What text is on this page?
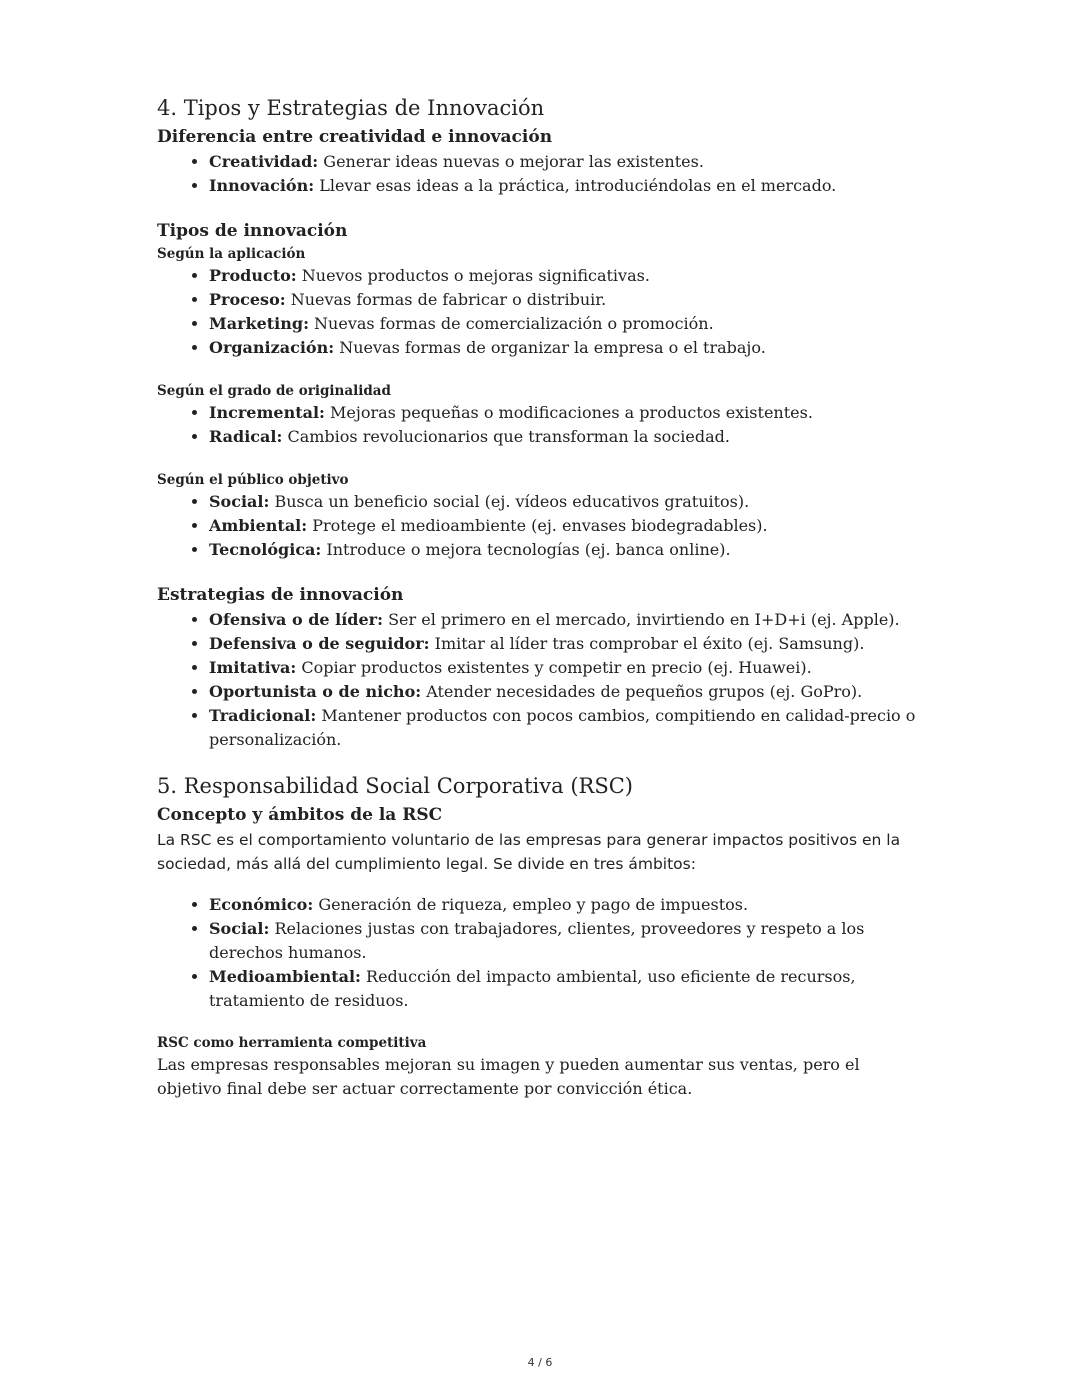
4. Tipos y Estrategias de Innovación
Diferencia entre creatividad e innovación
• Creatividad: Generar ideas nuevas o mejorar las existentes.
• Innovación: Llevar esas ideas a la práctica, introduciéndolas en el mercado.
Tipos de innovación
Según la aplicación
• Producto: Nuevos productos o mejoras significativas.
• Proceso: Nuevas formas de fabricar o distribuir.
• Marketing: Nuevas formas de comercialización o promoción.
• Organización: Nuevas formas de organizar la empresa o el trabajo.
Según el grado de originalidad
• Incremental: Mejoras pequeñas o modificaciones a productos existentes.
• Radical: Cambios revolucionarios que transforman la sociedad.
Según el público objetivo
• Social: Busca un beneficio social (ej. vídeos educativos gratuitos).
• Ambiental: Protege el medioambiente (ej. envases biodegradables).
• Tecnológica: Introduce o mejora tecnologías (ej. banca online).
Estrategias de innovación
• Ofensiva o de líder: Ser el primero en el mercado, invirtiendo en I+D+i (ej. Apple).
• Defensiva o de seguidor: Imitar al líder tras comprobar el éxito (ej. Samsung).
• Imitativa: Copiar productos existentes y competir en precio (ej. Huawei).
• Oportunista o de nicho: Atender necesidades de pequeños grupos (ej. GoPro).
• Tradicional: Mantener productos con pocos cambios, compitiendo en calidad-precio o personalización.
5. Responsabilidad Social Corporativa (RSC)
Concepto y ámbitos de la RSC

La RSC es el comportamiento voluntario de las empresas para generar impactos positivos en la sociedad, más allá del cumplimiento legal. Se divide en tres ámbitos:

• Económico: Generación de riqueza, empleo y pago de impuestos.
• Social: Relaciones justas con trabajadores, clientes, proveedores y respeto a los derechos humanos.
• Medioambiental: Reducción del impacto ambiental, uso eficiente de recursos, tratamiento de residuos.
RSC como herramienta competitiva

Las empresas responsables mejoran su imagen y pueden aumentar sus ventas, pero el objetivo final debe ser actuar correctamente por convicción ética.

4 / 6
